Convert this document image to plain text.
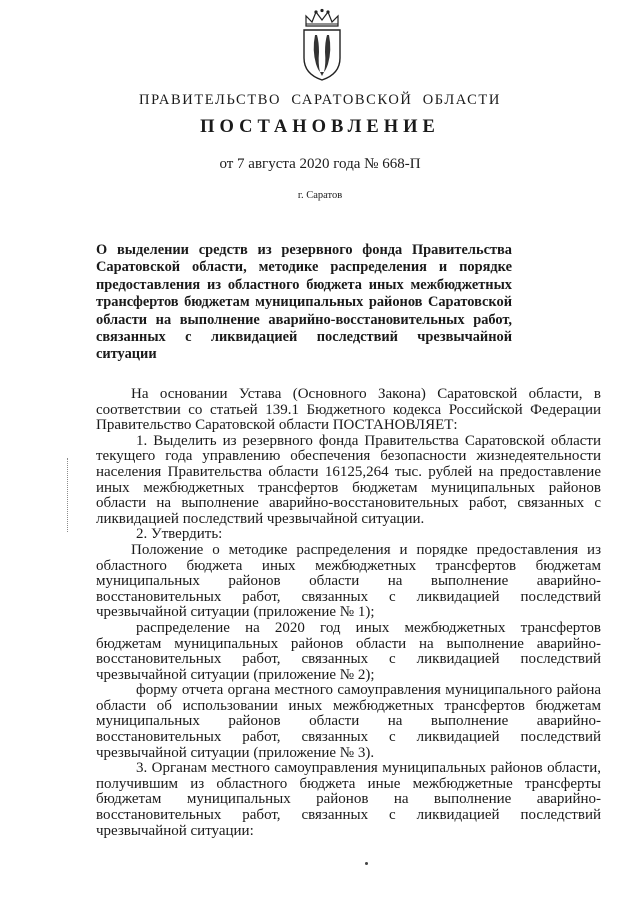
ПРАВИТЕЛЬСТВО САРАТОВСКОЙ ОБЛАСТИ
ПОСТАНОВЛЕНИЕ
от 7 августа 2020 года № 668-П
г. Саратов
О выделении средств из резервного фонда Правительства Саратовской области, методике распределения и порядке предоставления из областного бюджета иных межбюджетных трансфертов бюджетам муниципальных районов Саратовской области на выполнение аварийно-восстановительных работ, связанных с ликвидацией последствий чрезвычайной ситуации

На основании Устава (Основного Закона) Саратовской области, в соответствии со статьей 139.1 Бюджетного кодекса Российской Федерации Правительство Саратовской области ПОСТАНОВЛЯЕТ:

1. Выделить из резервного фонда Правительства Саратовской области текущего года управлению обеспечения безопасности жизнедеятельности населения Правительства области 16125,264 тыс. рублей на предоставление иных межбюджетных трансфертов бюджетам муниципальных районов области на выполнение аварийно-восстановительных работ, связанных с ликвидацией последствий чрезвычайной ситуации.

2. Утвердить:

Положение о методике распределения и порядке предоставления из областного бюджета иных межбюджетных трансфертов бюджетам муниципальных районов области на выполнение аварийно-восстановительных работ, связанных с ликвидацией последствий чрезвычайной ситуации (приложение № 1);

распределение на 2020 год иных межбюджетных трансфертов бюджетам муниципальных районов области на выполнение аварийно-восстановительных работ, связанных с ликвидацией последствий чрезвычайной ситуации (приложение № 2);

форму отчета органа местного самоуправления муниципального района области об использовании иных межбюджетных трансфертов бюджетам муниципальных районов области на выполнение аварийно-восстановительных работ, связанных с ликвидацией последствий чрезвычайной ситуации (приложение № 3).

3. Органам местного самоуправления муниципальных районов области, получившим из областного бюджета иные межбюджетные трансферты бюджетам муниципальных районов на выполнение аварийно-восстановительных работ, связанных с ликвидацией последствий чрезвычайной ситуации:
